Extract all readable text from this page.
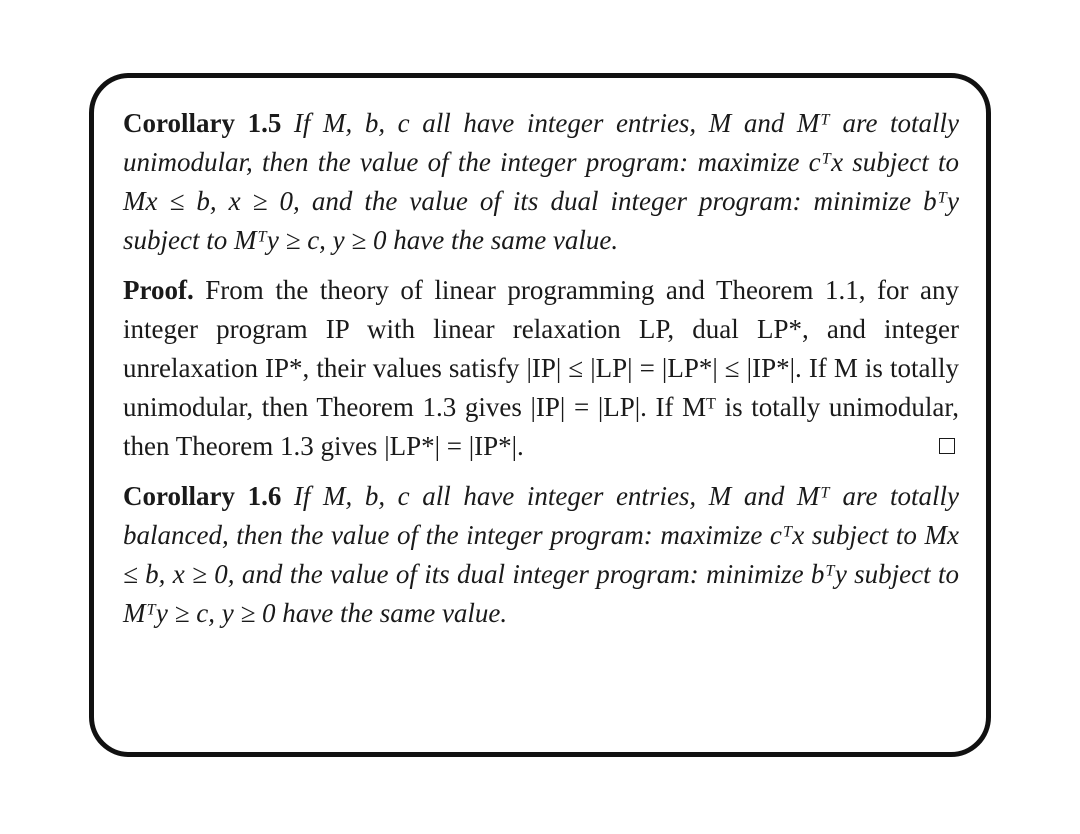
Corollary 1.5 If M, b, c all have integer entries, M and Mᵀ are totally unimodular, then the value of the integer program: maximize cᵀx subject to Mx ≤ b, x ≥ 0, and the value of its dual integer program: minimize bᵀy subject to Mᵀy ≥ c, y ≥ 0 have the same value.

Proof. From the theory of linear programming and Theorem 1.1, for any integer program IP with linear relaxation LP, dual LP*, and integer unrelaxation IP*, their values satisfy |IP| ≤ |LP| = |LP*| ≤ |IP*|. If M is totally unimodular, then Theorem 1.3 gives |IP| = |LP|. If Mᵀ is totally unimodular, then Theorem 1.3 gives |LP*| = |IP*|.

Corollary 1.6 If M, b, c all have integer entries, M and Mᵀ are totally balanced, then the value of the integer program: maximize cᵀx subject to Mx ≤ b, x ≥ 0, and the value of its dual integer program: minimize bᵀy subject to Mᵀy ≥ c, y ≥ 0 have the same value.
